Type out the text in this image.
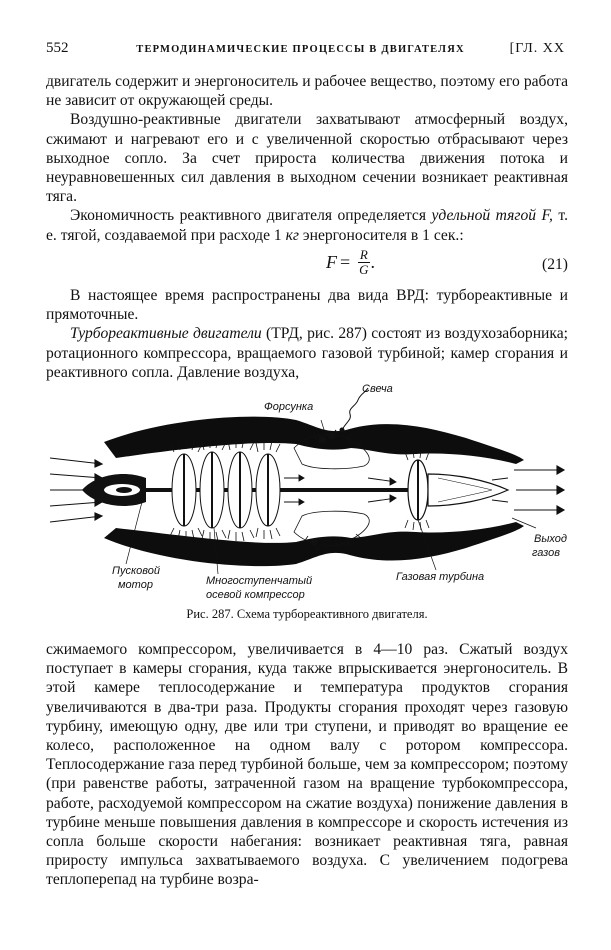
552	ТЕРМОДИНАМИЧЕСКИЕ ПРОЦЕССЫ В ДВИГАТЕЛЯХ	[ГЛ. XX

двигатель содержит и энергоноситель и рабочее вещество, поэтому его работа не зависит от окружающей среды.

Воздушно-реактивные двигатели захватывают атмосферный воздух, сжимают и нагревают его и с увеличенной скоростью отбрасывают через выходное сопло. За счет прироста количества движения потока и неуравновешенных сил давления в выходном сечении возникает реактивная тяга.

Экономичность реактивного двигателя определяется удельной тягой F, т. е. тягой, создаваемой при расходе 1 кг энергоносителя в 1 сек.:

$F = \frac{R}{G}$ .	(21)

В настоящее время распространены два вида ВРД: турбореактивные и прямоточные.

Турбореактивные двигатели (ТРД, рис. 287) состоят из воздухозаборника; ротационного компрессора, вращаемого газовой турбиной; камер сгорания и реактивного сопла. Давление воздуха,

Свеча
Форсунка
Выход
газов
Пусковой
мотор	Многоступенчатый
осевой компрессор
Газовая турбина
Рис. 287. Схема турбореактивного двигателя.

сжимаемого компрессором, увеличивается в 4—10 раз. Сжатый воздух поступает в камеры сгорания, куда также впрыскивается энергоноситель. В этой камере теплосодержание и температура продуктов сгорания увеличиваются в два-три раза. Продукты сгорания проходят через газовую турбину, имеющую одну, две или три ступени, и приводят во вращение ее колесо, расположенное на одном валу с ротором компрессора. Теплосодержание газа перед турбиной больше, чем за компрессором; поэтому (при равенстве работы, затраченной газом на вращение турбокомпрессора, работе, расходуемой компрессором на сжатие воздуха) понижение давления в турбине меньше повышения давления в компрессоре и скорость истечения из сопла больше скорости набегания: возникает реактивная тяга, равная приросту импульса захватываемого воздуха. С увеличением подогрева теплоперепад на турбине возра-
